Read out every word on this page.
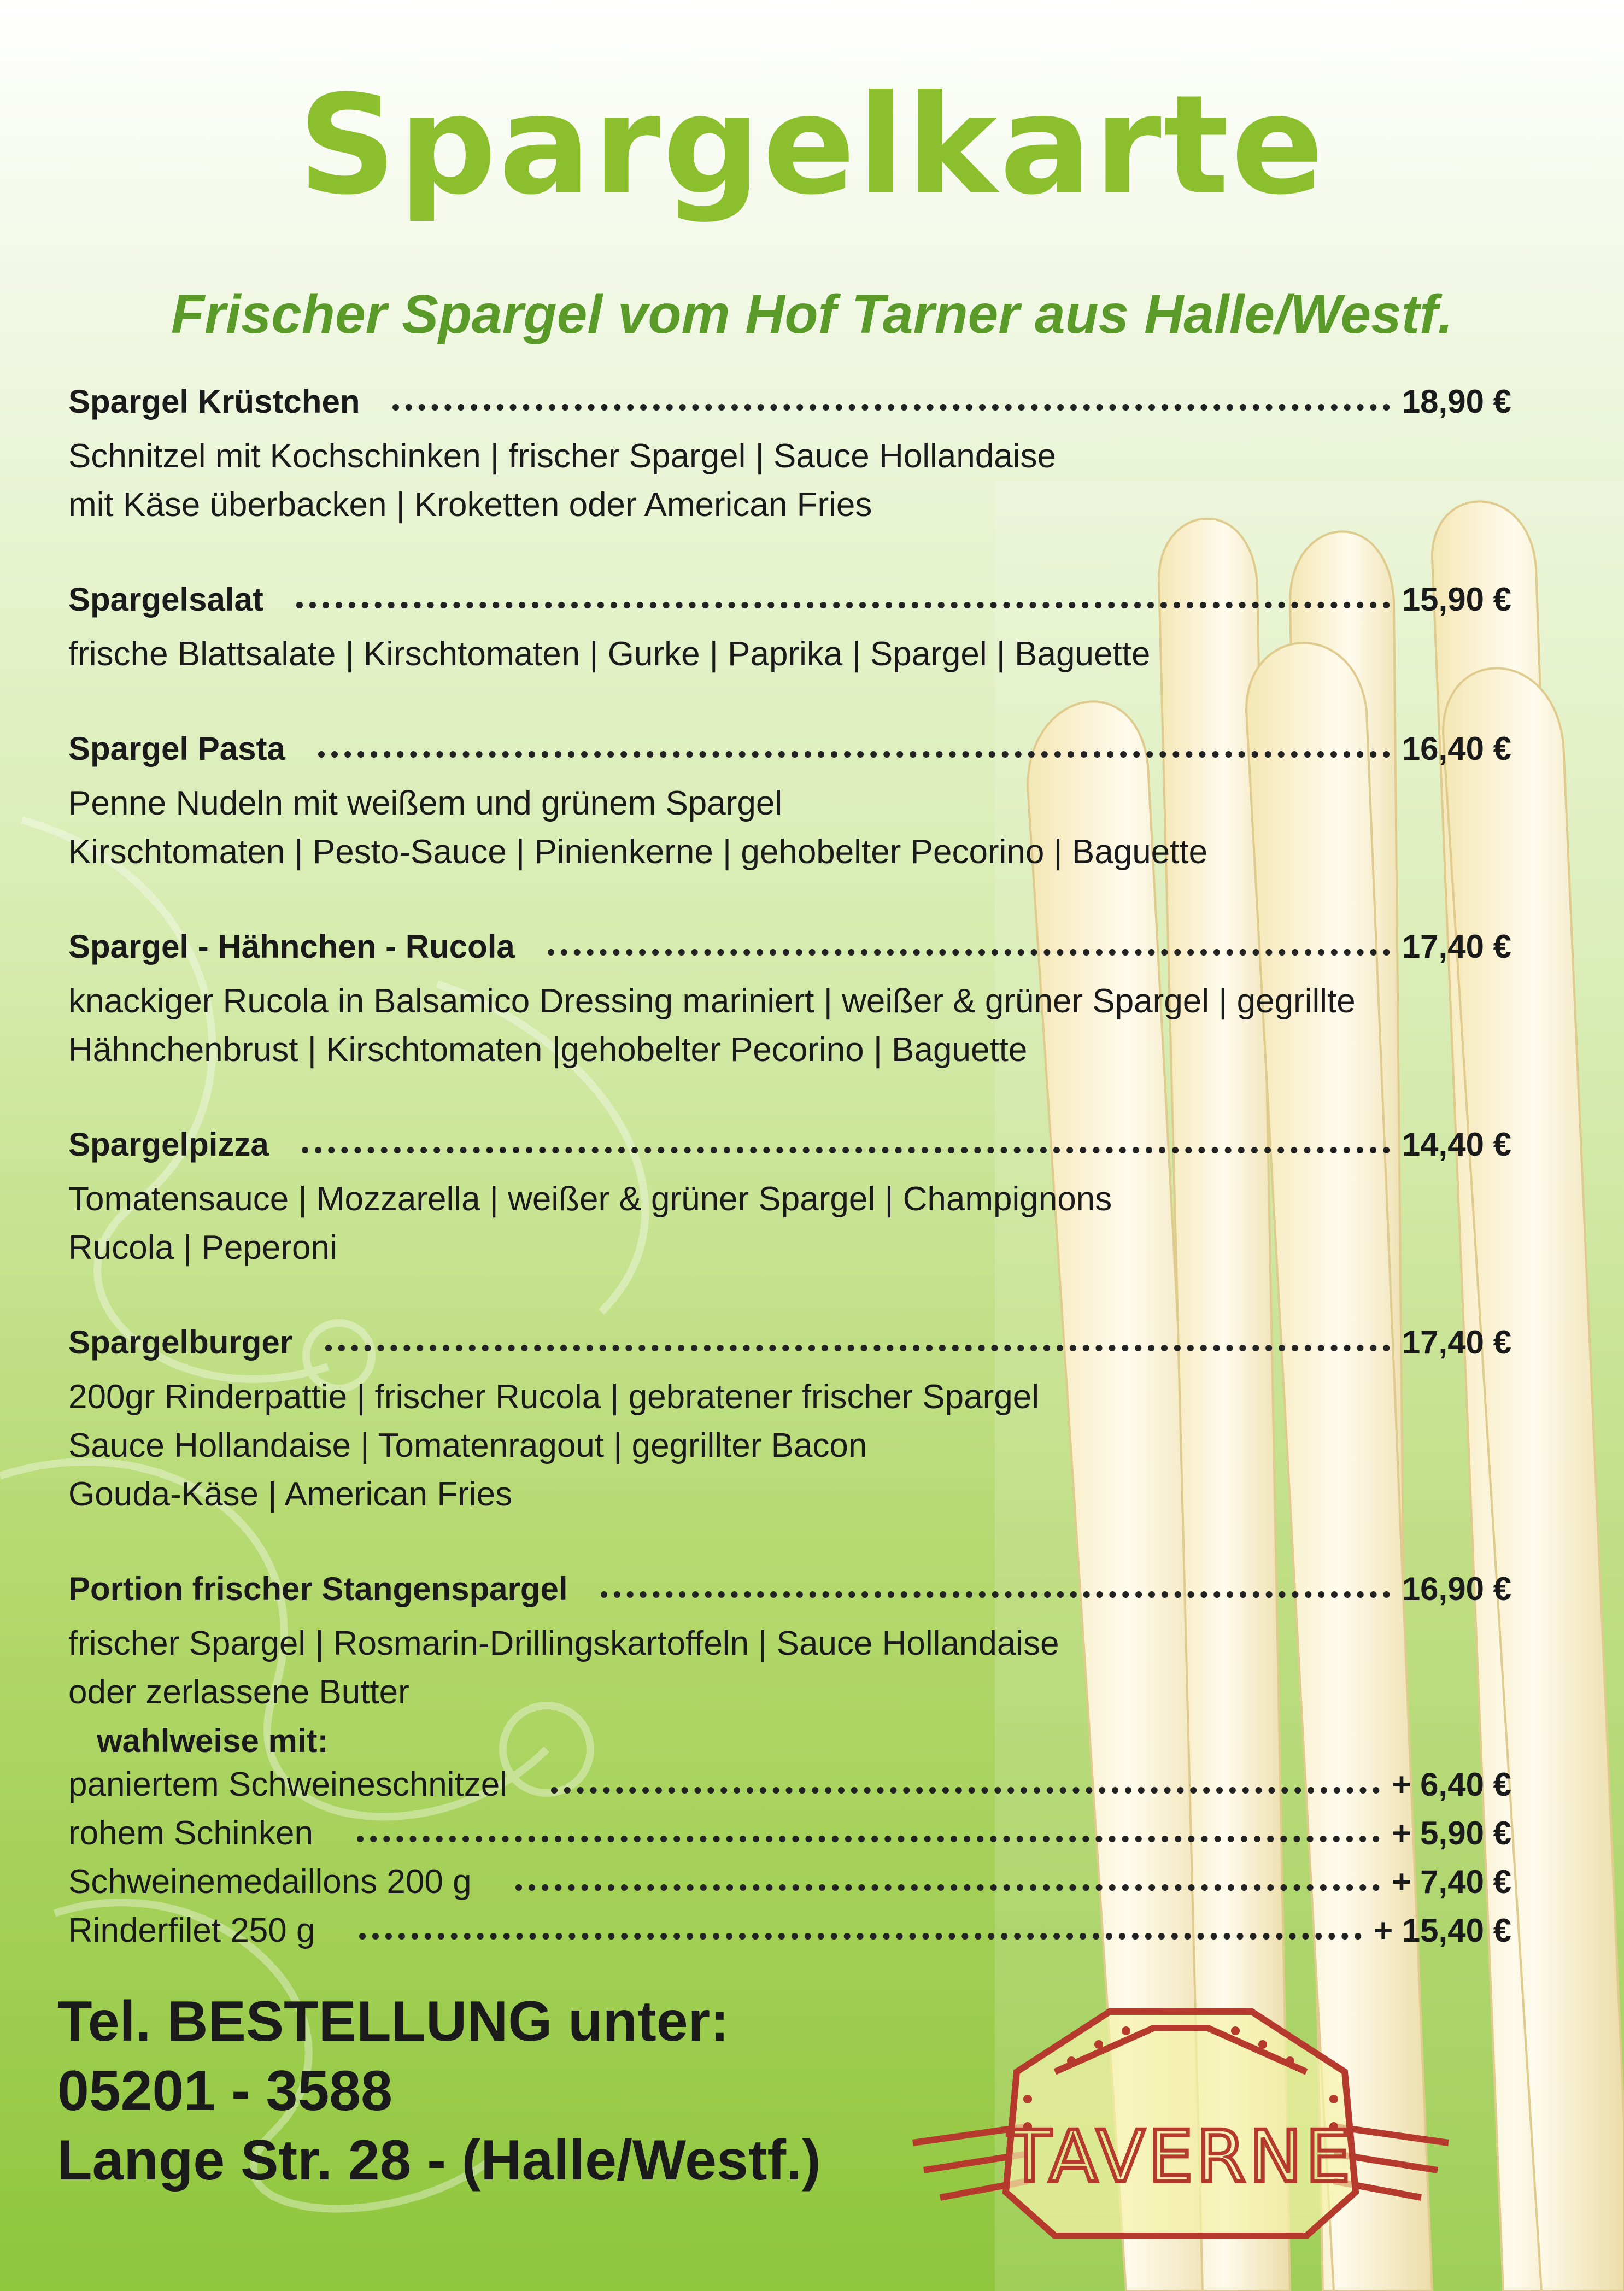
Spargelkarte
Frischer Spargel vom Hof Tarner aus Halle/Westf.
Spargel Krüstchen	18,90 €
Schnitzel mit Kochschinken | frischer Spargel | Sauce Hollandaise
mit Käse überbacken | Kroketten oder American Fries
Spargelsalat	15,90 €
frische Blattsalate | Kirschtomaten | Gurke | Paprika | Spargel | Baguette
Spargel Pasta	16,40 €
Penne Nudeln mit weißem und grünem Spargel
Kirschtomaten | Pesto-Sauce | Pinienkerne | gehobelter Pecorino | Baguette
Spargel - Hähnchen - Rucola	17,40 €
knackiger Rucola in Balsamico Dressing mariniert | weißer & grüner Spargel | gegrillte
Hähnchenbrust | Kirschtomaten |gehobelter Pecorino | Baguette
Spargelpizza	14,40 €
Tomatensauce | Mozzarella | weißer & grüner Spargel | Champignons
Rucola | Peperoni
Spargelburger	17,40 €
200gr Rinderpattie | frischer Rucola | gebratener frischer Spargel
Sauce Hollandaise | Tomatenragout | gegrillter Bacon
Gouda-Käse | American Fries
Portion frischer Stangenspargel	16,90 €
frischer Spargel | Rosmarin-Drillingskartoffeln | Sauce Hollandaise
oder zerlassene Butter
wahlweise mit:
paniertem Schweineschnitzel	+ 6,40 €
rohem Schinken	+ 5,90 €
Schweinemedaillons 200 g	+ 7,40 €
Rinderfilet 250 g	+ 15,40 €
Tel. BESTELLUNG unter:
05201 - 3588
Lange Str. 28 - (Halle/Westf.)	TAVERNE
